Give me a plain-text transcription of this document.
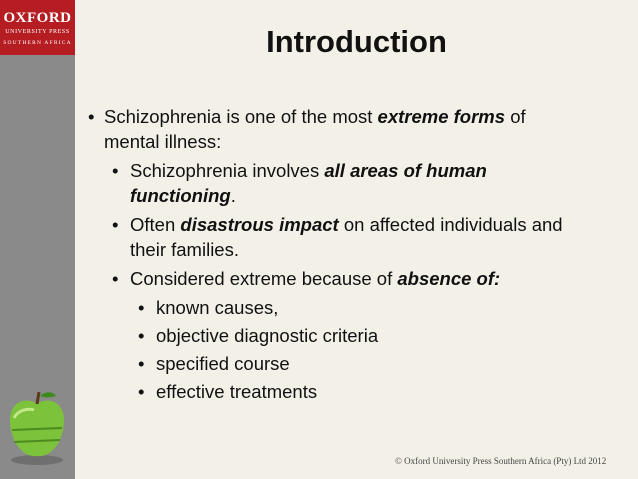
OXFORD
UNIVERSITY PRESS
SOUTHERN AFRICA	Introduction
• Schizophrenia is one of the most extreme forms of mental illness:
• Schizophrenia involves all areas of human functioning.
• Often disastrous impact on affected individuals and their families.
• Considered extreme because of absence of:
• known causes,
• objective diagnostic criteria
• specified course
• effective treatments
© Oxford University Press Southern Africa (Pty) Ltd 2012
